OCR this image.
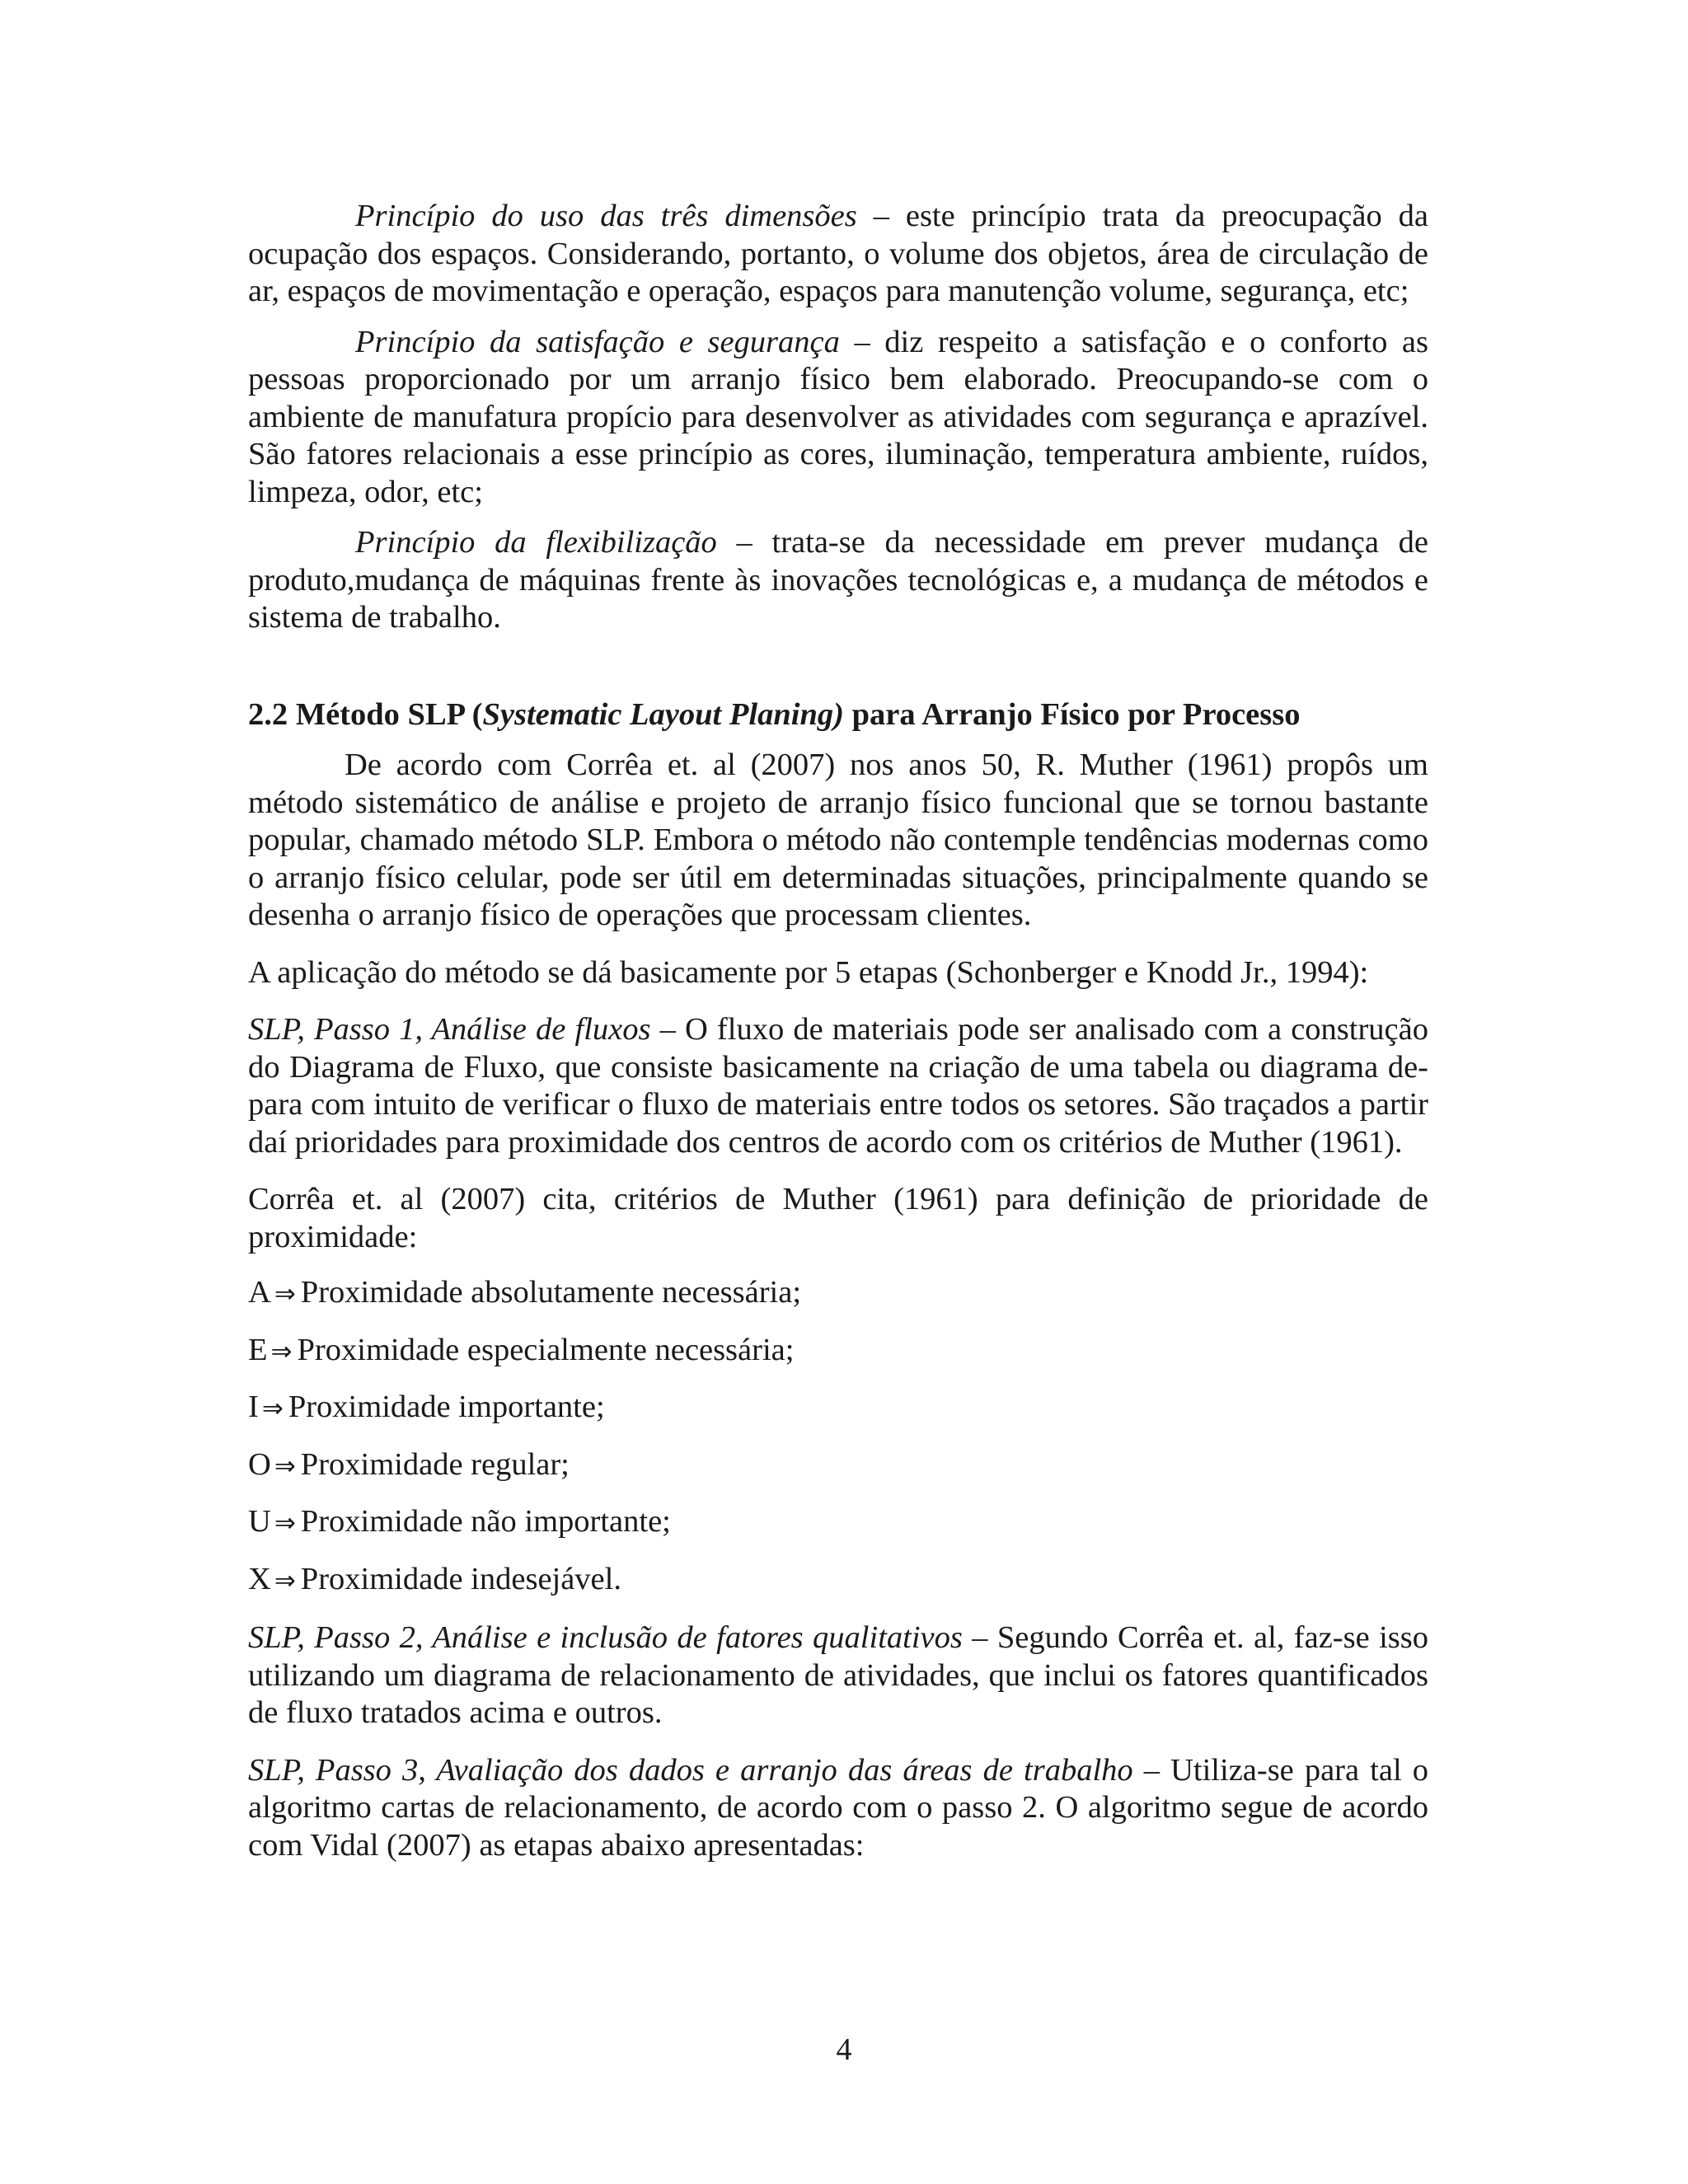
Princípio do uso das três dimensões – este princípio trata da preocupação da ocupação dos espaços. Considerando, portanto, o volume dos objetos, área de circulação de ar, espaços de movimentação e operação, espaços para manutenção volume, segurança, etc;

Princípio da satisfação e segurança – diz respeito a satisfação e o conforto as pessoas proporcionado por um arranjo físico bem elaborado. Preocupando-se com o ambiente de manufatura propício para desenvolver as atividades com segurança e aprazível. São fatores relacionais a esse princípio as cores, iluminação, temperatura ambiente, ruídos, limpeza, odor, etc;

Princípio da flexibilização – trata-se da necessidade em prever mudança de produto,mudança de máquinas frente às inovações tecnológicas e, a mudança de métodos e sistema de trabalho.

2.2 Método SLP (Systematic Layout Planing) para Arranjo Físico por Processo

De acordo com Corrêa et. al (2007) nos anos 50, R. Muther (1961) propôs um método sistemático de análise e projeto de arranjo físico funcional que se tornou bastante popular, chamado método SLP. Embora o método não contemple tendências modernas como o arranjo físico celular, pode ser útil em determinadas situações, principalmente quando se desenha o arranjo físico de operações que processam clientes.

A aplicação do método se dá basicamente por 5 etapas (Schonberger e Knodd Jr., 1994):

SLP, Passo 1, Análise de fluxos – O fluxo de materiais pode ser analisado com a construção do Diagrama de Fluxo, que consiste basicamente na criação de uma tabela ou diagrama de-para com intuito de verificar o fluxo de materiais entre todos os setores. São traçados a partir daí prioridades para proximidade dos centros de acordo com os critérios de Muther (1961).

Corrêa et. al (2007) cita, critérios de Muther (1961) para definição de prioridade de proximidade:

A ⇒ Proximidade absolutamente necessária;

E ⇒ Proximidade especialmente necessária;

I ⇒ Proximidade importante;

O ⇒ Proximidade regular;

U ⇒ Proximidade não importante;

X ⇒ Proximidade indesejável.

SLP, Passo 2, Análise e inclusão de fatores qualitativos – Segundo Corrêa et. al, faz-se isso utilizando um diagrama de relacionamento de atividades, que inclui os fatores quantificados de fluxo tratados acima e outros.

SLP, Passo 3, Avaliação dos dados e arranjo das áreas de trabalho – Utiliza-se para tal o algoritmo cartas de relacionamento, de acordo com o passo 2. O algoritmo segue de acordo com Vidal (2007) as etapas abaixo apresentadas:

4
